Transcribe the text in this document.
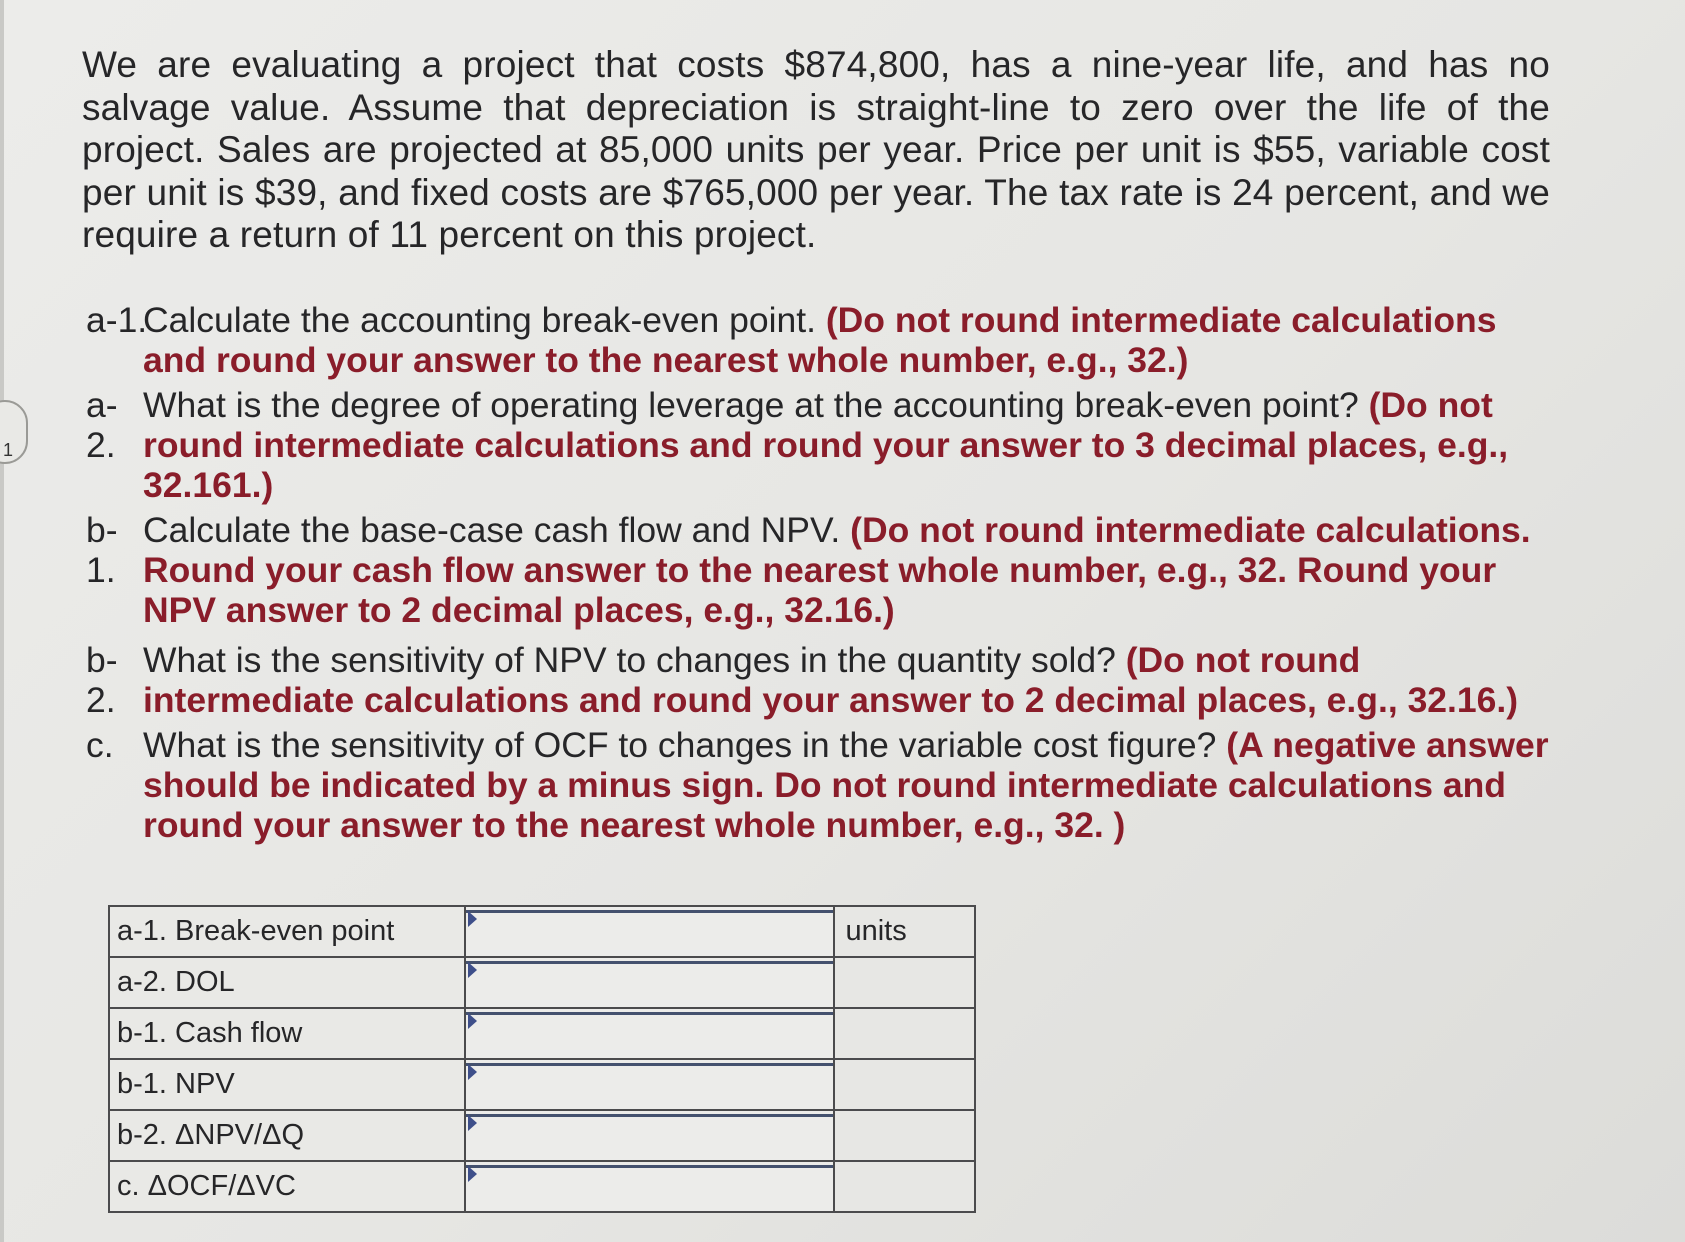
1

We are evaluating a project that costs $874,800, has a nine-year life, and has no salvage value. Assume that depreciation is straight-line to zero over the life of the project. Sales are projected at 85,000 units per year. Price per unit is $55, variable cost per unit is $39, and fixed costs are $765,000 per year. The tax rate is 24 percent, and we require a return of 11 percent on this project.

a-1.
Calculate the accounting break-even point. (Do not round intermediate calculations and round your answer to the nearest whole number, e.g., 32.)
a-2.
What is the degree of operating leverage at the accounting break-even point? (Do not round intermediate calculations and round your answer to 3 decimal places, e.g., 32.161.)
b-1.
Calculate the base-case cash flow and NPV. (Do not round intermediate calculations. Round your cash flow answer to the nearest whole number, e.g., 32. Round your NPV answer to 2 decimal places, e.g., 32.16.)
b-2.
What is the sensitivity of NPV to changes in the quantity sold? (Do not round intermediate calculations and round your answer to 2 decimal places, e.g., 32.16.)
c. What is the sensitivity of OCF to changes in the variable cost figure? (A negative answer should be indicated by a minus sign. Do not round intermediate calculations and round your answer to the nearest whole number, e.g., 32. )
a-1. Break-even point		units
a-2. DOL		
b-1. Cash flow		
b-1. NPV		
b-2. ΔNPV/ΔQ		
c. ΔOCF/ΔVC		
